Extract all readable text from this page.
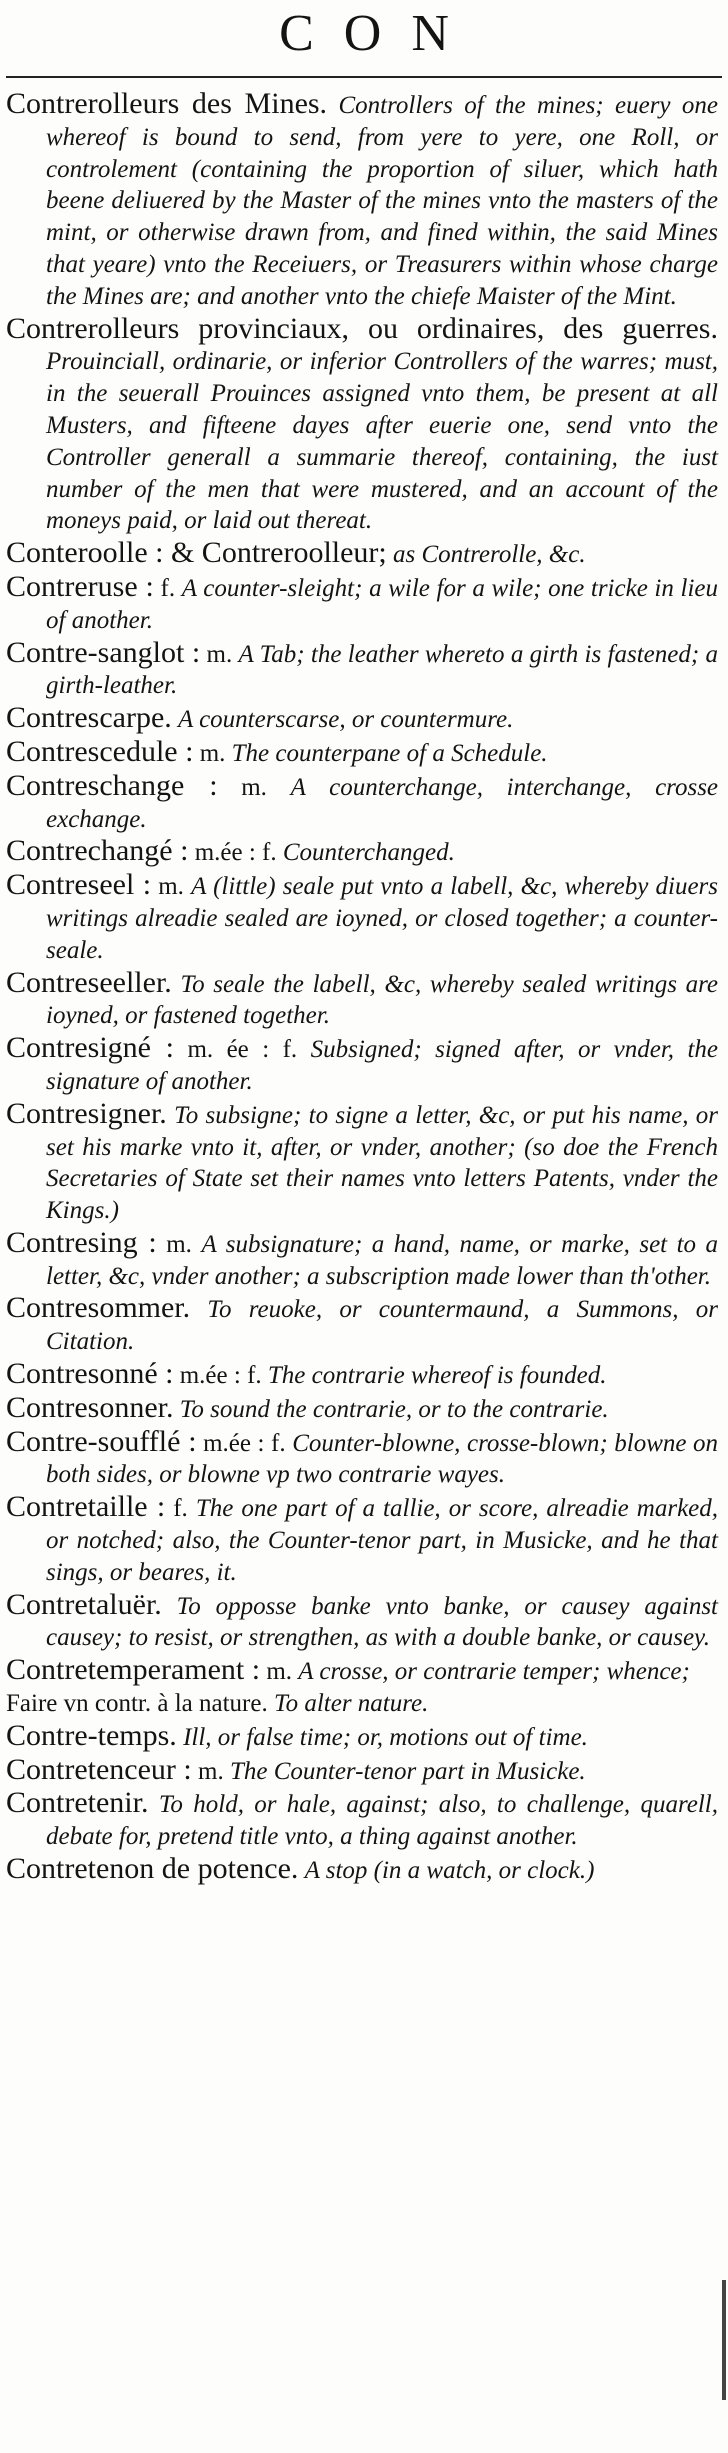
CON

Contrerolleurs des Mines. Controllers of the mines; euery one whereof is bound to send, from yere to yere, one Roll, or controlement (containing the proportion of siluer, which hath beene deliuered by the Master of the mines vnto the masters of the mint, or otherwise drawn from, and fined within, the said Mines that yeare) vnto the Receiuers, or Treasurers within whose charge the Mines are; and another vnto the chiefe Maister of the Mint.

Contrerolleurs provinciaux, ou ordinaires, des guerres. Prouinciall, ordinarie, or inferior Controllers of the warres; must, in the seuerall Prouinces assigned vnto them, be present at all Musters, and fifteene dayes after euerie one, send vnto the Controller generall a summarie thereof, containing, the iust number of the men that were mustered, and an account of the moneys paid, or laid out thereat.

Conteroolle : & Contreroolleur; as Contrerolle, &c.

Contreruse : f. A counter-sleight; a wile for a wile; one tricke in lieu of another.

Contre-sanglot : m. A Tab; the leather whereto a girth is fastened; a girth-leather.

Contrescarpe. A counterscarse, or countermure.

Contrescedule : m. The counterpane of a Schedule.

Contreschange : m. A counterchange, interchange, crosse exchange.

Contrechangé : m.ée : f. Counterchanged.

Contreseel : m. A (little) seale put vnto a labell, &c, whereby diuers writings alreadie sealed are ioyned, or closed together; a counter-seale.

Contreseeller. To seale the labell, &c, whereby sealed writings are ioyned, or fastened together.

Contresigné : m. ée : f. Subsigned; signed after, or vnder, the signature of another.

Contresigner. To subsigne; to signe a letter, &c, or put his name, or set his marke vnto it, after, or vnder, another; (so doe the French Secretaries of State set their names vnto letters Patents, vnder the Kings.)

Contresing : m. A subsignature; a hand, name, or marke, set to a letter, &c, vnder another; a subscription made lower than th'other.

Contresommer. To reuoke, or countermaund, a Summons, or Citation.

Contresonné : m.ée : f. The contrarie whereof is founded.

Contresonner. To sound the contrarie, or to the contrarie.

Contre-soufflé : m.ée : f. Counter-blowne, crosse-blown; blowne on both sides, or blowne vp two contrarie wayes.

Contretaille : f. The one part of a tallie, or score, alreadie marked, or notched; also, the Counter-tenor part, in Musicke, and he that sings, or beares, it.

Contretaluër. To opposse banke vnto banke, or causey against causey; to resist, or strengthen, as with a double banke, or causey.

Contretemperament : m. A crosse, or contrarie temper; whence;

Faire vn contr. à la nature. To alter nature.

Contre-temps. Ill, or false time; or, motions out of time.

Contretenceur : m. The Counter-tenor part in Musicke.

Contretenir. To hold, or hale, against; also, to challenge, quarell, debate for, pretend title vnto, a thing against another.

Contretenon de potence. A stop (in a watch, or clock.)
